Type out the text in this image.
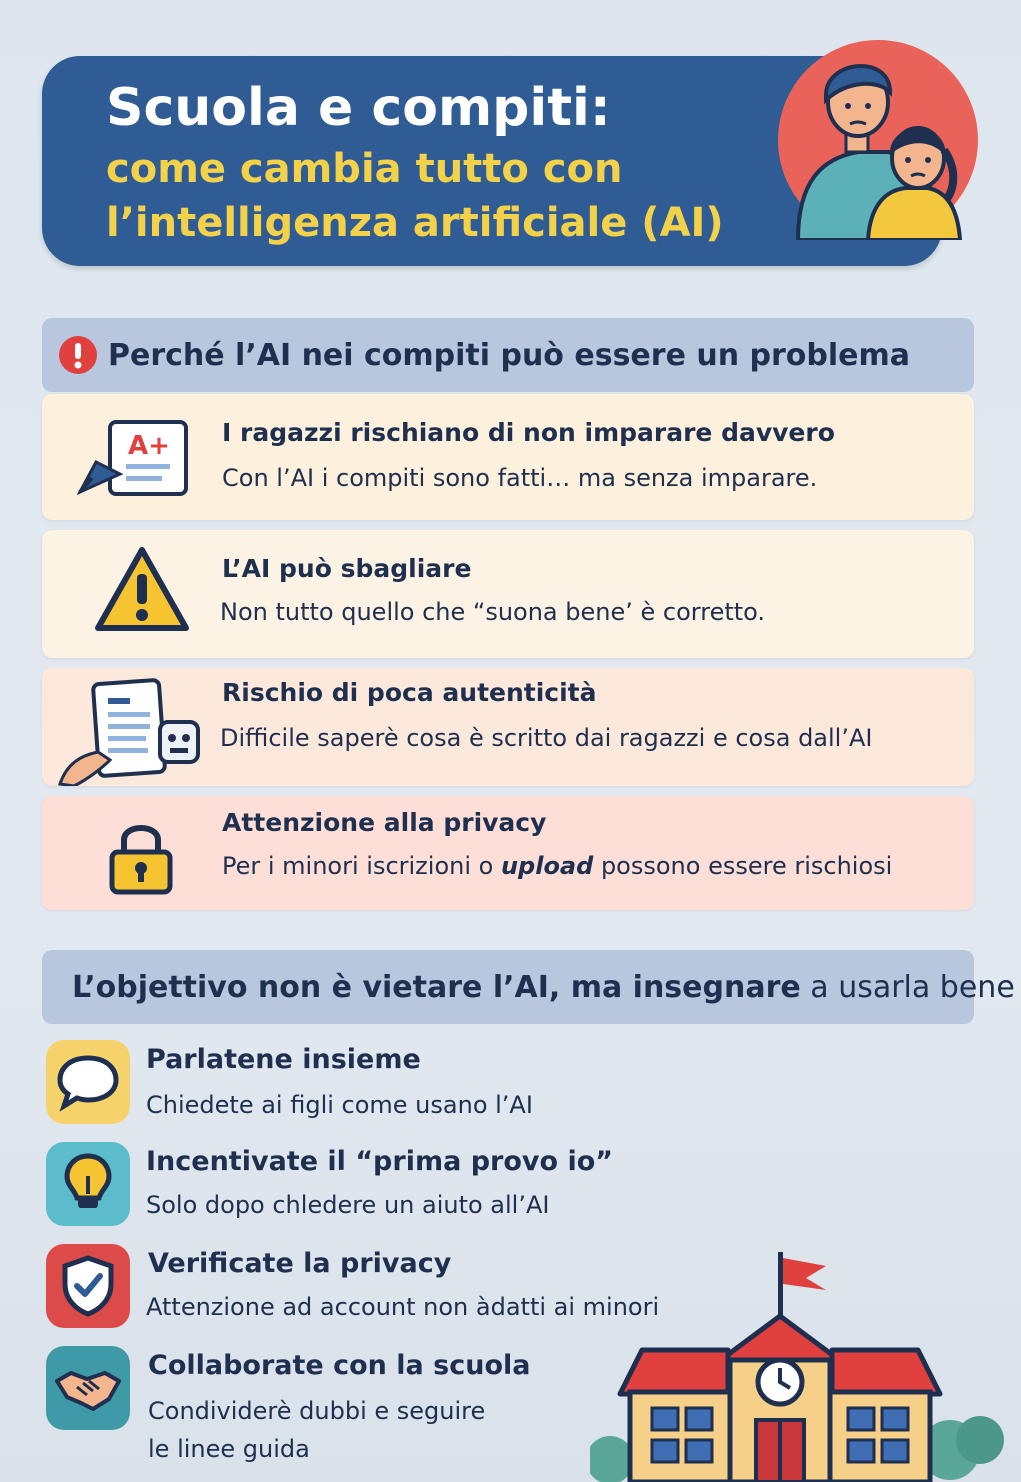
Scuola e compiti:
come cambia tutto con
l’intelligenza artificiale (AI)
Perché l’AI nei compiti può essere un problema
A+ I ragazzi rischiano di non imparare davvero
Con l’AI i compiti sono fatti… ma senza imparare.
L’AI può sbagliare
Non tutto quello che “suona bene’ è corretto.
Rischio di poca autenticità
Difficile saperè cosa è scritto dai ragazzi e cosa dall’AI
Attenzione alla privacy
Per i minori iscrizioni o upload possono essere rischiosi
L’objettivo non è vietare l’AI, ma insegnare a usarla bene
Parlatene insieme
Chiedete ai figli come usano l’AI
Incentivate il “prima provo io”
Solo dopo chledere un aiuto all’AI
Verificate la privacy
Attenzione ad account non àdatti ai minori
Collaborate con la scuola
Condividerè dubbi e seguire
le linee guida
